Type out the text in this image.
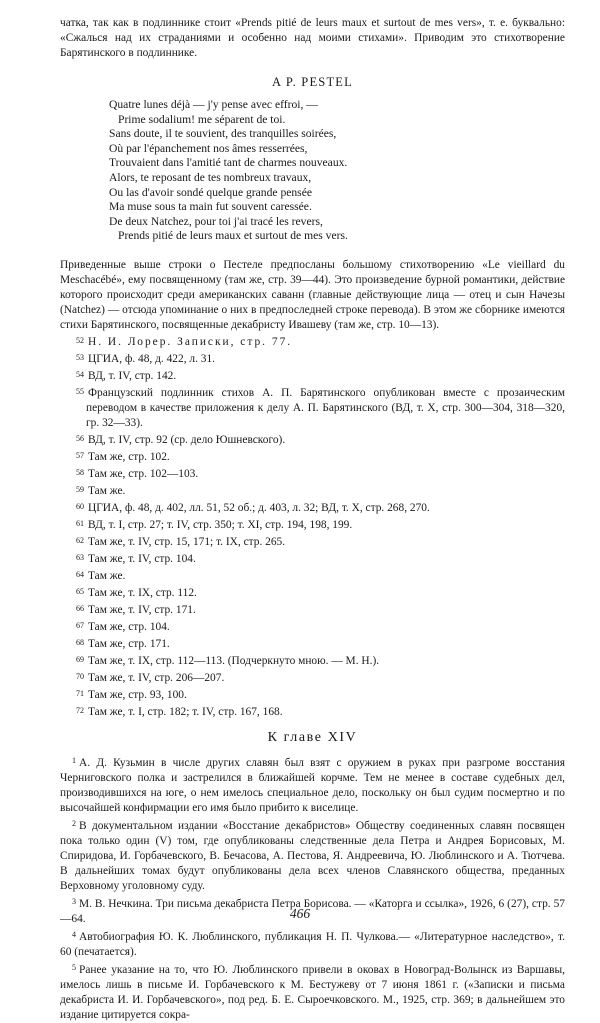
чатка, так как в подлиннике стоит «Prends pitié de leurs maux et surtout de mes vers», т. е. буквально: «Сжалься над их страданиями и особенно над моими стихами». Приводим это стихотворение Барятинского в подлиннике.

A P. PESTEL
Quatre lunes déjà — j'y pense avec effroi, —
Prime sodalium! me séparent de toi.
Sans doute, il te souvient, des tranquilles soirées,
Où par l'épanchement nos âmes resserrées,
Trouvaient dans l'amitié tant de charmes nouveaux.
Alors, te reposant de tes nombreux travaux,
Ou las d'avoir sondé quelque grande pensée
Ma muse sous ta main fut souvent caressée.
De deux Natchez, pour toi j'ai tracé les revers,
Prends pitié de leurs maux et surtout de mes vers.

Приведенные выше строки о Пестеле предпосланы большому стихотворению «Le vieillard du Meschacébé», ему посвященному (там же, стр. 39—44). Это произведение бурной романтики, действие которого происходит среди американских саванн (главные действующие лица — отец и сын Начезы (Natchez) — отсюда упоминание о них в предпоследней строке перевода). В этом же сборнике имеются стихи Барятинского, посвященные декабристу Ивашеву (там же, стр. 10—13).

52 Н. И. Лорер. Записки, стр. 77.

53 ЦГИА, ф. 48, д. 422, л. 31.

54 ВД, т. IV, стр. 142.

55 Французский подлинник стихов А. П. Барятинского опубликован вместе с прозаическим переводом в качестве приложения к делу А. П. Барятинского (ВД, т. X, стр. 300—304, 318—320, гр. 32—33).

56 ВД, т. IV, стр. 92 (ср. дело Юшневского).

57 Там же, стр. 102.

58 Там же, стр. 102—103.

59 Там же.

60 ЦГИА, ф. 48, д. 402, лл. 51, 52 об.; д. 403, л. 32; ВД, т. X, стр. 268, 270.

61 ВД, т. I, стр. 27; т. IV, стр. 350; т. XI, стр. 194, 198, 199.

62 Там же, т. IV, стр. 15, 171; т. IX, стр. 265.

63 Там же, т. IV, стр. 104.

64 Там же.

65 Там же, т. IX, стр. 112.

66 Там же, т. IV, стр. 171.

67 Там же, стр. 104.

68 Там же, стр. 171.

69 Там же, т. IX, стр. 112—113. (Подчеркнуто мною. — М. Н.).

70 Там же, т. IV, стр. 206—207.

71 Там же, стр. 93, 100.

72 Там же, т. I, стр. 182; т. IV, стр. 167, 168.

К главе XIV

$^1$ А. Д. Кузьмин в числе других славян был взят с оружием в руках при разгроме восстания Черниговского полка и застрелился в ближайшей корчме. Тем не менее в составе судебных дел, производившихся на юге, о нем имелось специальное дело, поскольку он был судим посмертно и по высочайшей конфирмации его имя было прибито к виселице.

$^2$ В документальном издании «Восстание декабристов» Обществу соединенных славян посвящен пока только один (V) том, где опубликованы следственные дела Петра и Андрея Борисовых, М. Спиридова, И. Горбачевского, В. Бечасова, А. Пестова, Я. Андреевича, Ю. Люблинского и А. Тютчева. В дальнейших томах будут опубликованы дела всех членов Славянского общества, преданных Верховному уголовному суду.

$^3$ М. В. Нечкина. Три письма декабриста Петра Борисова. — «Каторга и ссылка», 1926, 6 (27), стр. 57—64.

$^4$ Автобиография Ю. К. Люблинского, публикация Н. П. Чулкова.— «Литературное наследство», т. 60 (печатается).

$^5$ Ранее указание на то, что Ю. Люблинского привели в оковах в Новоград-Волынск из Варшавы, имелось лишь в письме И. Горбачевского к М. Бестужеву от 7 июня 1861 г. («Записки и письма декабриста И. И. Горбачевского», под ред. Б. Е. Сыроечковского. М., 1925, стр. 369; в дальнейшем это издание цитируется сокра-

466
